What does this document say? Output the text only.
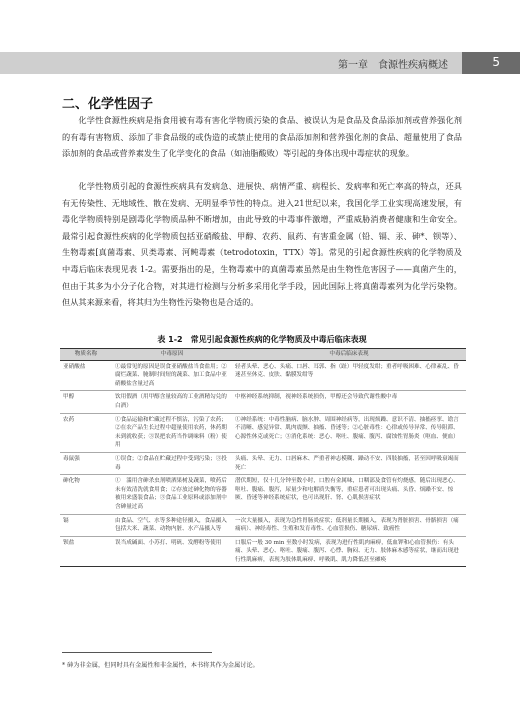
第一章　食源性疾病概述	5
二、化学性因子

化学性食源性疾病是指食用被有毒有害化学物质污染的食品、被误认为是食品及食品添加剂或营养强化剂的有毒有害物质、添加了非食品级的或伪造的或禁止使用的食品添加剂和营养强化剂的食品、超量使用了食品添加剂的食品或营养素发生了化学变化的食品（如油脂酸败）等引起的身体出现中毒症状的现象。

化学性物质引起的食源性疾病具有发病急、进展快、病情严重、病程长、发病率和死亡率高的特点，还具有无传染性、无地域性、散在发病、无明显季节性的特点。进入21世纪以来，我国化学工业实现高速发展，有毒化学物质特别是剧毒化学物质品种不断增加，由此导致的中毒事件激增，严重威胁消费者健康和生命安全。最常引起食源性疾病的化学物质包括亚硝酸盐、甲醇、农药、鼠药、有害重金属（铅、镉、汞、砷*、钡等）、生物毒素[真菌毒素、贝类毒素、河鲀毒素（tetrodotoxin，TTX）等]。常见的引起食源性疾病的化学物质及中毒后临床表现见表 1-2。需要指出的是，生物毒素中的真菌毒素虽然是由生物性危害因子——真菌产生的，但由于其多为小分子化合物，对其进行检测与分析多采用化学手段，因此国际上将真菌毒素列为化学污染物。但从其来源来看，将其归为生物性污染物也是合适的。

表 1-2　常见引起食源性疾病的化学物质及中毒后临床表现
物质名称	中毒原因	中毒后临床表现
亚硝酸盐	①最常见的原因是误食亚硝酸盐当食盐用；②腐烂蔬菜、腌制时间短的蔬菜、加工食品中亚硝酸盐含量过高	轻者头晕、恶心、头痛、口唇、耳郭、指（趾）甲轻度发绀；重者呼吸困难、心律紊乱、昏迷甚至休克、皮肤、黏膜发绀等
甲醇	饮用假酒（用甲醇含量较高的工业酒精勾兑的白酒）	中枢神经系统抑制，视神经系统损伤，甲醇还会导致代谢性酸中毒
农药	①食品运输和贮藏过程不慎沾，污染了农药；②在农产品生长过程中超量使用农药，休药期未到就收获；③误把农药当作调味料（粉）使用	①神经系统：中毒性脑病、脑水肿、周围神经病等，出现烦躁、意识不清、抽搐痉挛、谵言不清晰、感觉异常、肌肉震颤、抽搐、昏迷等；②心脏毒性：心律或传导异常、传导阻滞、心源性休克或死亡；③消化系统：恶心、呕吐、腹痛、腹泻、腐蚀性胃肠炎（呕血、便血）
毒鼠强	①误食；②食品在贮藏过程中受到污染；③投毒	头痛、头晕、无力、口唇麻木、严重者神志模糊、躁动不安、四肢抽搐，甚至因呼吸衰竭而死亡
砷化物	①　滥用含砷杀虫剂喷洒果树及蔬菜，喷药后未有效清洗就食用食；②存放过砷化物的容器被用来盛装食品；③食品工业原料或添加剂中含砷量过高	潜伏期短，仅十几分钟至数小时，口腔有金属味，口咽部及食管有灼烧感，随后出现恶心、呕吐、腹痛、腹泻，尿量少和电解质失衡等，重症患者可出现头痛、头昏、烦躁不安、惊厥、昏迷等神经系统症状，也可出现肝、肾、心肌损害症状
镉	由食品、空气、水等多种途径摄入，食品摄入包括大米、蔬菜、动物内脏、水产品摄入等	一次大量摄入，表现为急性胃肠炎症状；低剂量长期摄入，表现为肾脏损害、骨骼损害（痛痛病）、神经毒性、生殖和发育毒性、心血管损伤、糖尿病、致癌性
钡盐	误当成碱面、小苏打、明矾、发酵粉等使用	口服后一般 30 min 至数小时发病，表现为进行性肌肉麻痹，低血钾和心血管损伤：有头痛、头晕、恶心、呕吐、腹痛、腹泻、心悸、胸闷、无力、肢体麻木感等症状，继而出现进行性肌麻痹，表现为肢体肌麻痹、呼吸肌、肌力降低甚至瘫痪
* 砷为非金属，但同时具有金属性和非金属性，本书将其作为金属讨论。
